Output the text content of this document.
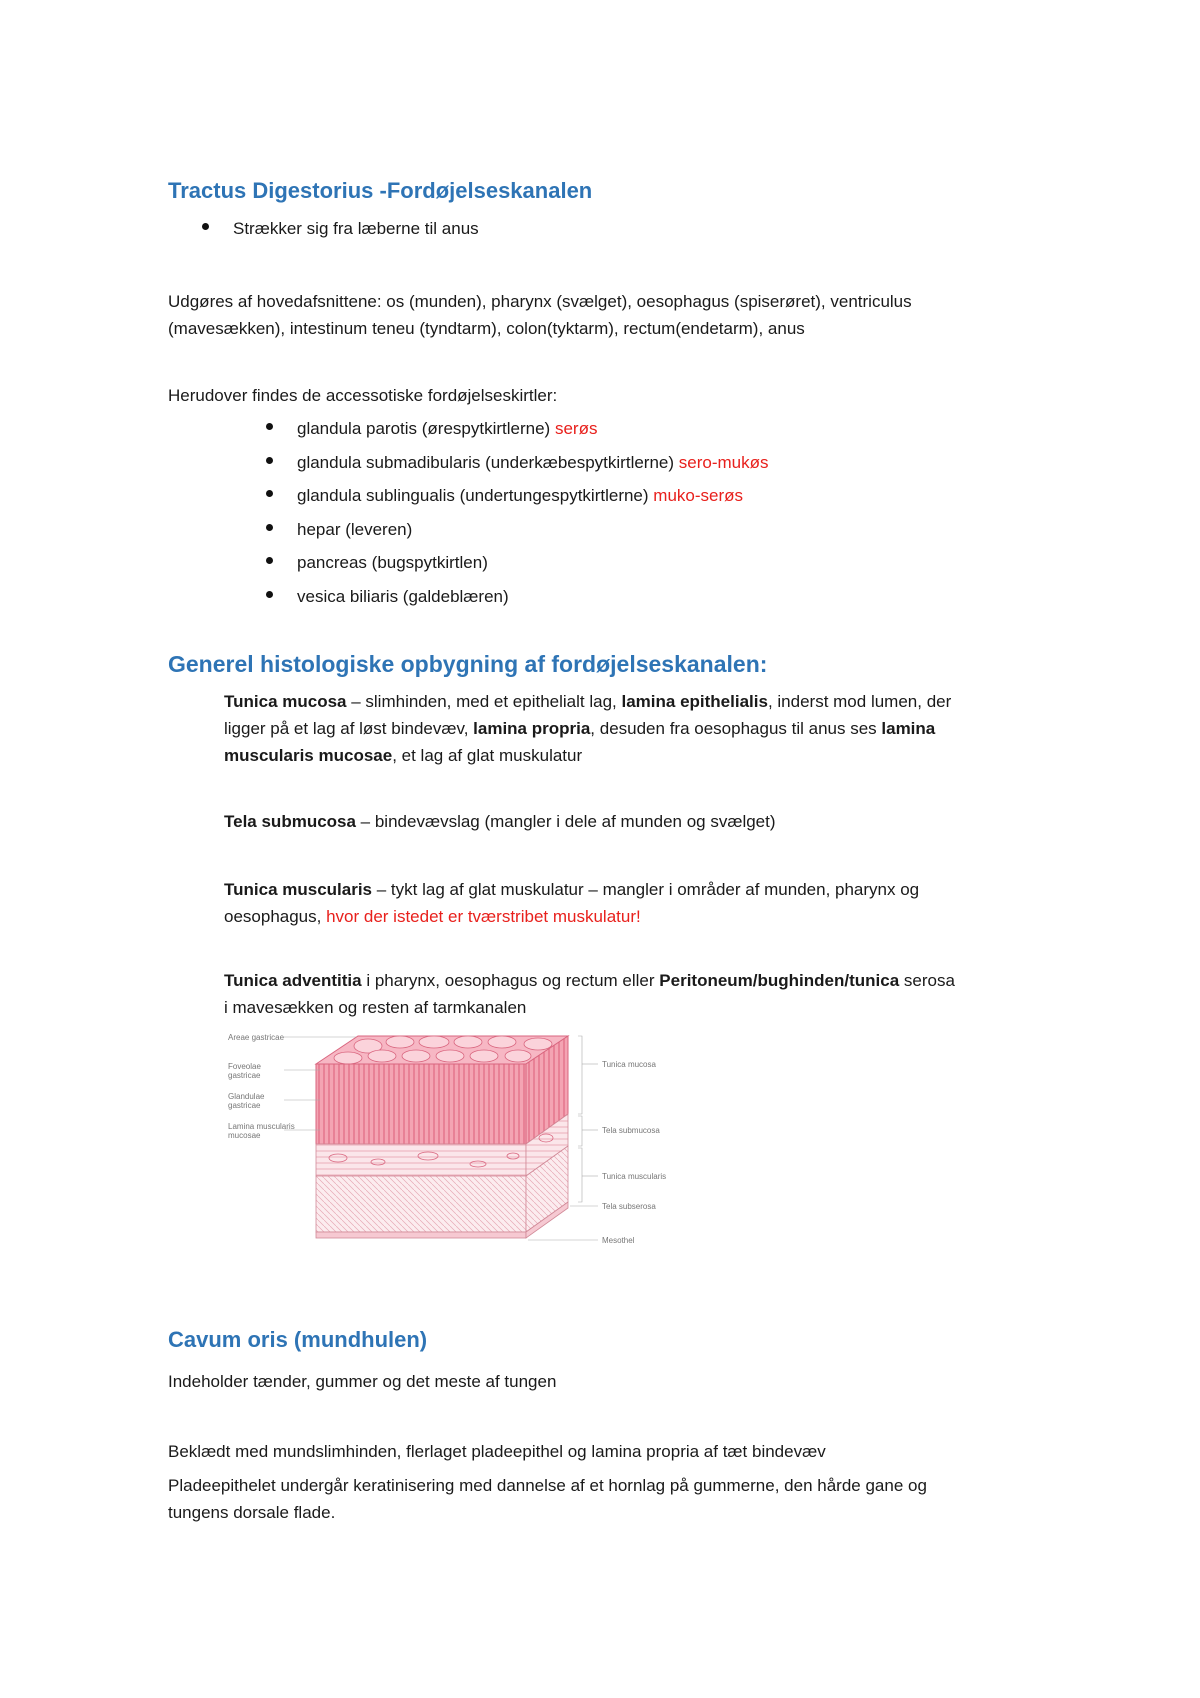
Tractus Digestorius -Fordøjelseskanalen
Strækker sig fra læberne til anus

Udgøres af hovedafsnittene: os (munden), pharynx (svælget), oesophagus (spiserøret), ventriculus
(mavesækken), intestinum teneu (tyndtarm), colon(tyktarm), rectum(endetarm), anus

Herudover findes de accessotiske fordøjelseskirtler:

glandula parotis (ørespytkirtlerne) serøs
glandula submadibularis (underkæbespytkirtlerne) sero-mukøs
glandula sublingualis (undertungespytkirtlerne) muko-serøs
hepar (leveren)
pancreas (bugspytkirtlen)
vesica biliaris (galdeblæren)
Generel histologiske opbygning af fordøjelseskanalen:

Tunica mucosa – slimhinden, med et epithelialt lag, lamina epithelialis, inderst mod lumen, der
ligger på et lag af løst bindevæv, lamina propria, desuden fra oesophagus til anus ses lamina
muscularis mucosae, et lag af glat muskulatur

Tela submucosa – bindevævslag (mangler i dele af munden og svælget)

Tunica muscularis – tykt lag af glat muskulatur – mangler i områder af munden, pharynx og
oesophagus, hvor der istedet er tværstribet muskulatur!

Tunica adventitia i pharynx, oesophagus og rectum eller Peritoneum/bughinden/tunica serosa
i mavesækken og resten af tarmkanalen

Areae gastricae
Foveolae
gastricae
Glandulae
gastricae
Lamina muscularis
mucosae
Tunica mucosa
Tela submucosa
Tunica muscularis
Tela subserosa
Mesothel
Cavum oris (mundhulen)

Indeholder tænder, gummer og det meste af tungen

Beklædt med mundslimhinden, flerlaget pladeepithel og lamina propria af tæt bindevæv

Pladeepithelet undergår keratinisering med dannelse af et hornlag på gummerne, den hårde gane og
tungens dorsale flade.
